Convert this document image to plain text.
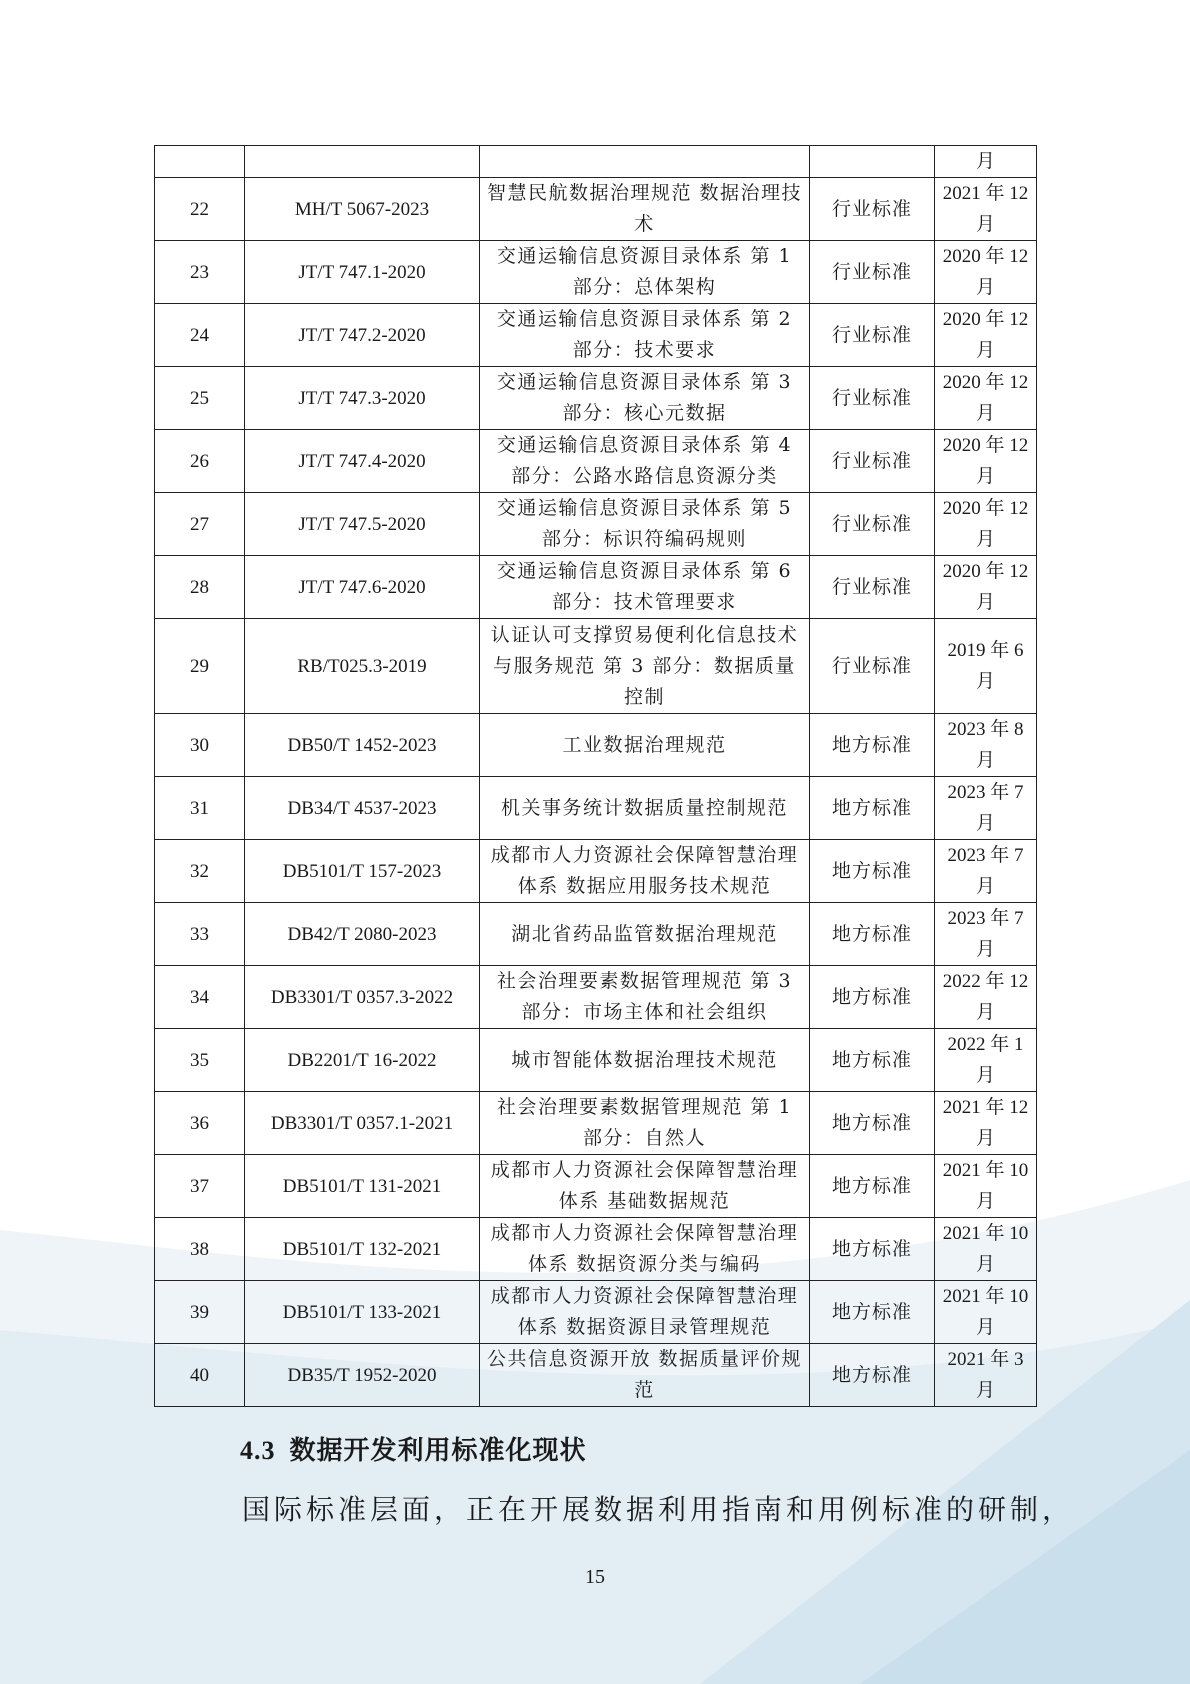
				月
22	MH/T 5067-2023	智慧民航数据治理规范 数据治理技术	行业标准	2021 年 12 月
23	JT/T 747.1-2020	交通运输信息资源目录体系 第 1 部分：总体架构	行业标准	2020 年 12 月
24	JT/T 747.2-2020	交通运输信息资源目录体系 第 2 部分：技术要求	行业标准	2020 年 12 月
25	JT/T 747.3-2020	交通运输信息资源目录体系 第 3 部分：核心元数据	行业标准	2020 年 12 月
26	JT/T 747.4-2020	交通运输信息资源目录体系 第 4 部分：公路水路信息资源分类	行业标准	2020 年 12 月
27	JT/T 747.5-2020	交通运输信息资源目录体系 第 5 部分：标识符编码规则	行业标准	2020 年 12 月
28	JT/T 747.6-2020	交通运输信息资源目录体系 第 6 部分：技术管理要求	行业标准	2020 年 12 月
29	RB/T025.3-2019	认证认可支撑贸易便利化信息技术与服务规范 第 3 部分：数据质量控制	行业标准	2019 年 6 月
30	DB50/T 1452-2023	工业数据治理规范	地方标准	2023 年 8 月
31	DB34/T 4537-2023	机关事务统计数据质量控制规范	地方标准	2023 年 7 月
32	DB5101/T 157-2023	成都市人力资源社会保障智慧治理体系 数据应用服务技术规范	地方标准	2023 年 7 月
33	DB42/T 2080-2023	湖北省药品监管数据治理规范	地方标准	2023 年 7 月
34	DB3301/T 0357.3-2022	社会治理要素数据管理规范 第 3 部分：市场主体和社会组织	地方标准	2022 年 12 月
35	DB2201/T 16-2022	城市智能体数据治理技术规范	地方标准	2022 年 1 月
36	DB3301/T 0357.1-2021	社会治理要素数据管理规范 第 1 部分：自然人	地方标准	2021 年 12 月
37	DB5101/T 131-2021	成都市人力资源社会保障智慧治理体系 基础数据规范	地方标准	2021 年 10 月
38	DB5101/T 132-2021	成都市人力资源社会保障智慧治理体系 数据资源分类与编码	地方标准	2021 年 10 月
39	DB5101/T 133-2021	成都市人力资源社会保障智慧治理体系 数据资源目录管理规范	地方标准	2021 年 10 月
40	DB35/T 1952-2020	公共信息资源开放 数据质量评价规范	地方标准	2021 年 3 月
4.3 数据开发利用标准化现状
国际标准层面，正在开展数据利用指南和用例标准的研制，
15
